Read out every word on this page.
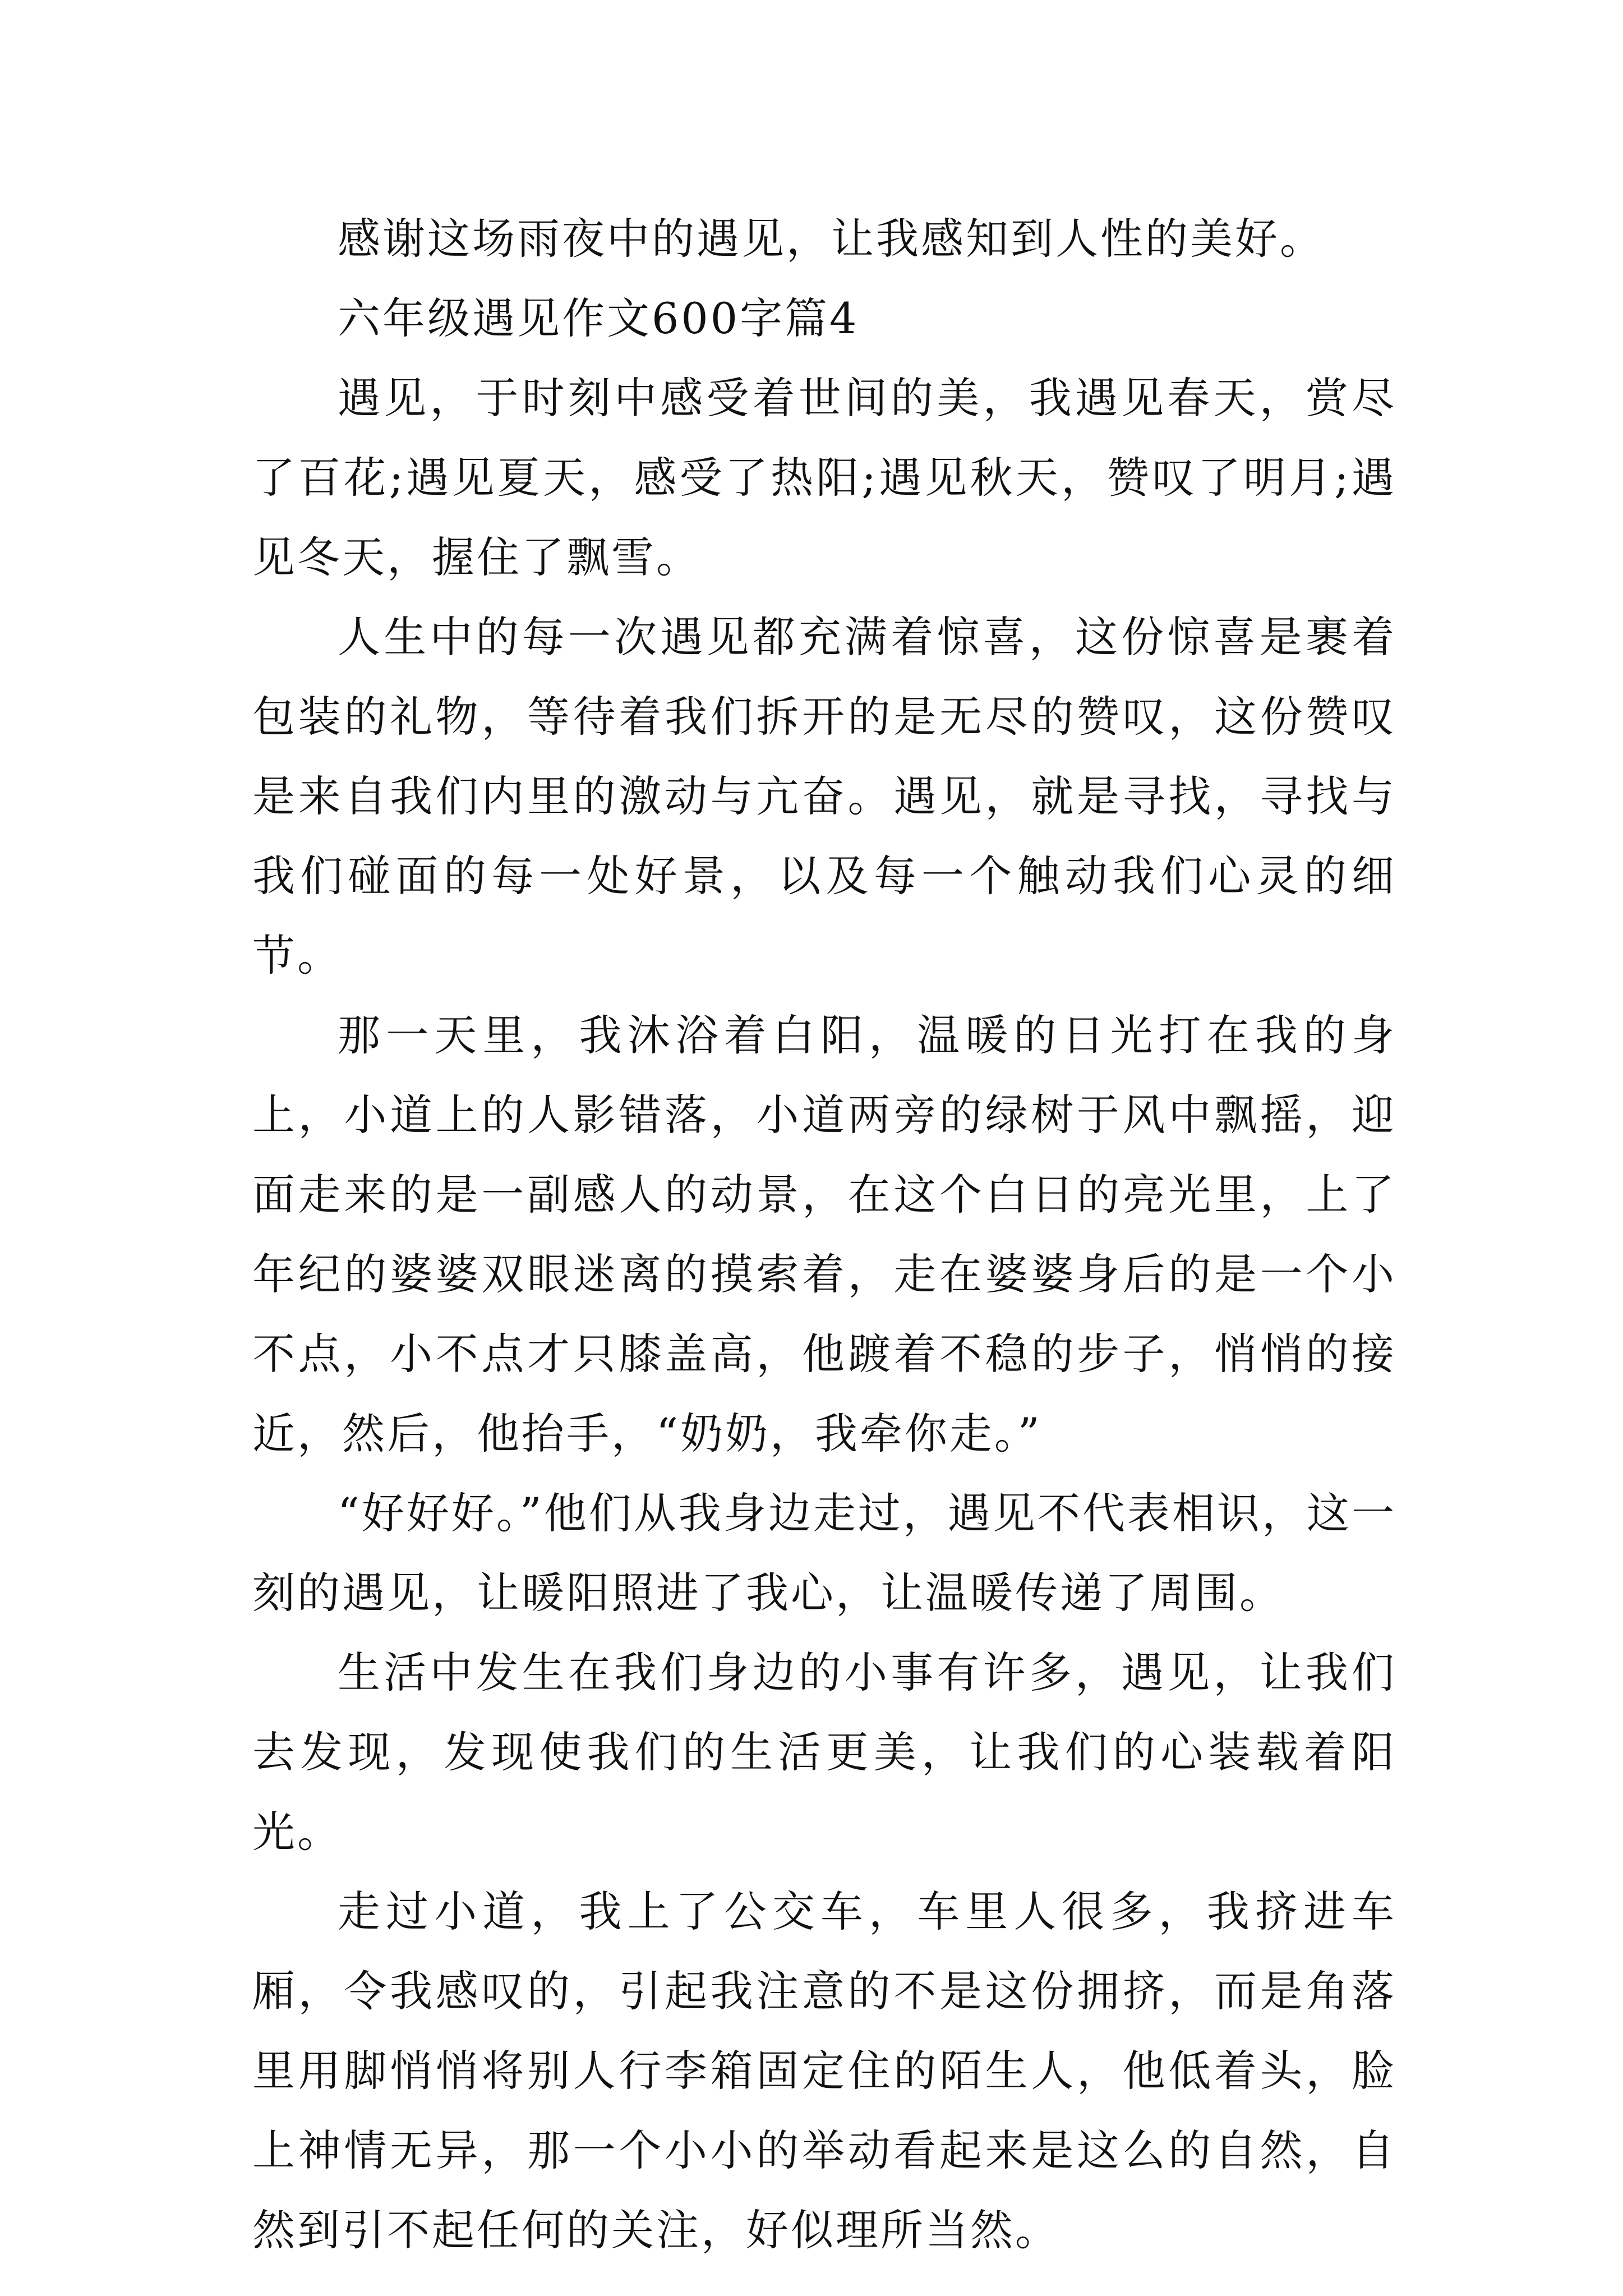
感谢这场雨夜中的遇见，让我感知到人性的美好。

六年级遇见作文600字篇4

遇见，于时刻中感受着世间的美，我遇见春天，赏尽了百花;遇见夏天，感受了热阳;遇见秋天，赞叹了明月;遇见冬天，握住了飘雪。

人生中的每一次遇见都充满着惊喜，这份惊喜是裹着包装的礼物，等待着我们拆开的是无尽的赞叹，这份赞叹是来自我们内里的激动与亢奋。遇见，就是寻找，寻找与我们碰面的每一处好景，以及每一个触动我们心灵的细节。

那一天里，我沐浴着白阳，温暖的日光打在我的身上，小道上的人影错落，小道两旁的绿树于风中飘摇，迎面走来的是一副感人的动景，在这个白日的亮光里，上了年纪的婆婆双眼迷离的摸索着，走在婆婆身后的是一个小不点，小不点才只膝盖高，他踱着不稳的步子，悄悄的接近，然后，他抬手，“奶奶，我牵你走。”

“好好好。”他们从我身边走过，遇见不代表相识，这一刻的遇见，让暖阳照进了我心，让温暖传递了周围。

生活中发生在我们身边的小事有许多，遇见，让我们去发现，发现使我们的生活更美，让我们的心装载着阳光。

走过小道，我上了公交车，车里人很多，我挤进车厢，令我感叹的，引起我注意的不是这份拥挤，而是角落里用脚悄悄将别人行李箱固定住的陌生人，他低着头，脸上神情无异，那一个小小的举动看起来是这么的自然，自然到引不起任何的关注，好似理所当然。
